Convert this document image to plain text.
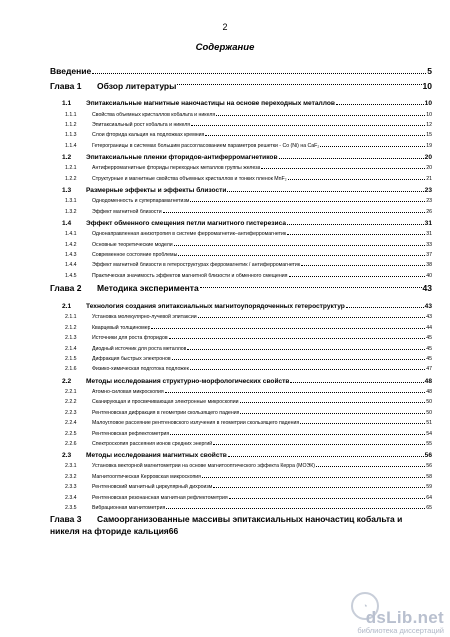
2
Содержание
Введение	5
Глава 1	Обзор литературы	10
1.1	Эпитаксиальные магнитные наночастицы на основе переходных металлов	10
1.1.1	Свойства объемных кристаллов кобальта и никеля	10
1.1.2	Эпитаксиальный рост кобальта и никеля	12
1.1.3	Слои фторида кальция на подложках кремния	15
1.1.4	Гетерограницы в системах большим рассогласованием параметров решетки - Co (Ni) на CaF₂	19
1.2	Эпитаксиальные пленки фторидов-антиферромагнетиков	20
1.2.1	Антиферромагнитные фториды переходных металлов группы железа	20
1.2.2	Структурные и магнитные свойства объемных кристаллов и тонких пленок MnF₂	21
1.3	Размерные эффекты и эффекты близости	23
1.3.1	Однодоменность и суперпарамагнетизм	23
1.3.2	Эффект магнитной близости	26
1.4	Эффект обменного смещения петли магнитного гистерезиса	31
1.4.1	Однонаправленная анизотропия в системе ферромагнетик–антиферромагнетик	31
1.4.2	Основные теоретические модели	33
1.4.3	Современное состояние проблемы	37
1.4.4	Эффект магнитной близости в гетероструктурах ферромагнетик / антиферромагнетик	38
1.4.5	Практическая значимость эффектов магнитной близости и обменного смещения	40
Глава 2	Методика эксперимента	43
2.1	Технология создания эпитаксиальных магнитоупорядоченных гетероструктур	43
2.1.1	Установка молекулярно-лучевой эпитаксии	43
2.1.2	Кварцевый толщиномер	44
2.1.3	Источники для роста фторидов	45
2.1.4	Диодный источник для роста металлов	45
2.1.5	Дифракция быстрых электронов	45
2.1.6	Физико-химическая подготока подложек	47
2.2	Методы исследования структурно-морфологических свойств	48
2.2.1	Атомно-силовая микроскопия	48
2.2.2	Сканирующая и просвечивающая электронные микроскопии	50
2.2.3	Рентгеновская дифракция в геометрии скользящего падения	50
2.2.4	Малоугловое рассеяние рентгеновского излучения в геометрии скользящего падения	51
2.2.5	Рентгеновская рефлектометрия	54
2.2.6	Спектроскопия рассеяния ионов средних энергий	55
2.3	Методы исследования магнитных свойств	56
2.3.1	Установка векторной магнитометрии на основе магнитооптического эффекта Керра (МОЭК)	56
2.3.2	Магнитооптическая Керровская микроскопия	58
2.3.3	Рентгеновский магнитный циркулярный дихроизм	59
2.3.4	Рентгеновская резонансная магнитная рефлектометрия	64
2.3.5	Вибрационная магнитометрия	65
Глава 3	Самоорганизованные массивы эпитаксиальных наночастиц кобальта и
никеля на фториде кальция 66
◔
dsLib.net
библиотека диссертаций
